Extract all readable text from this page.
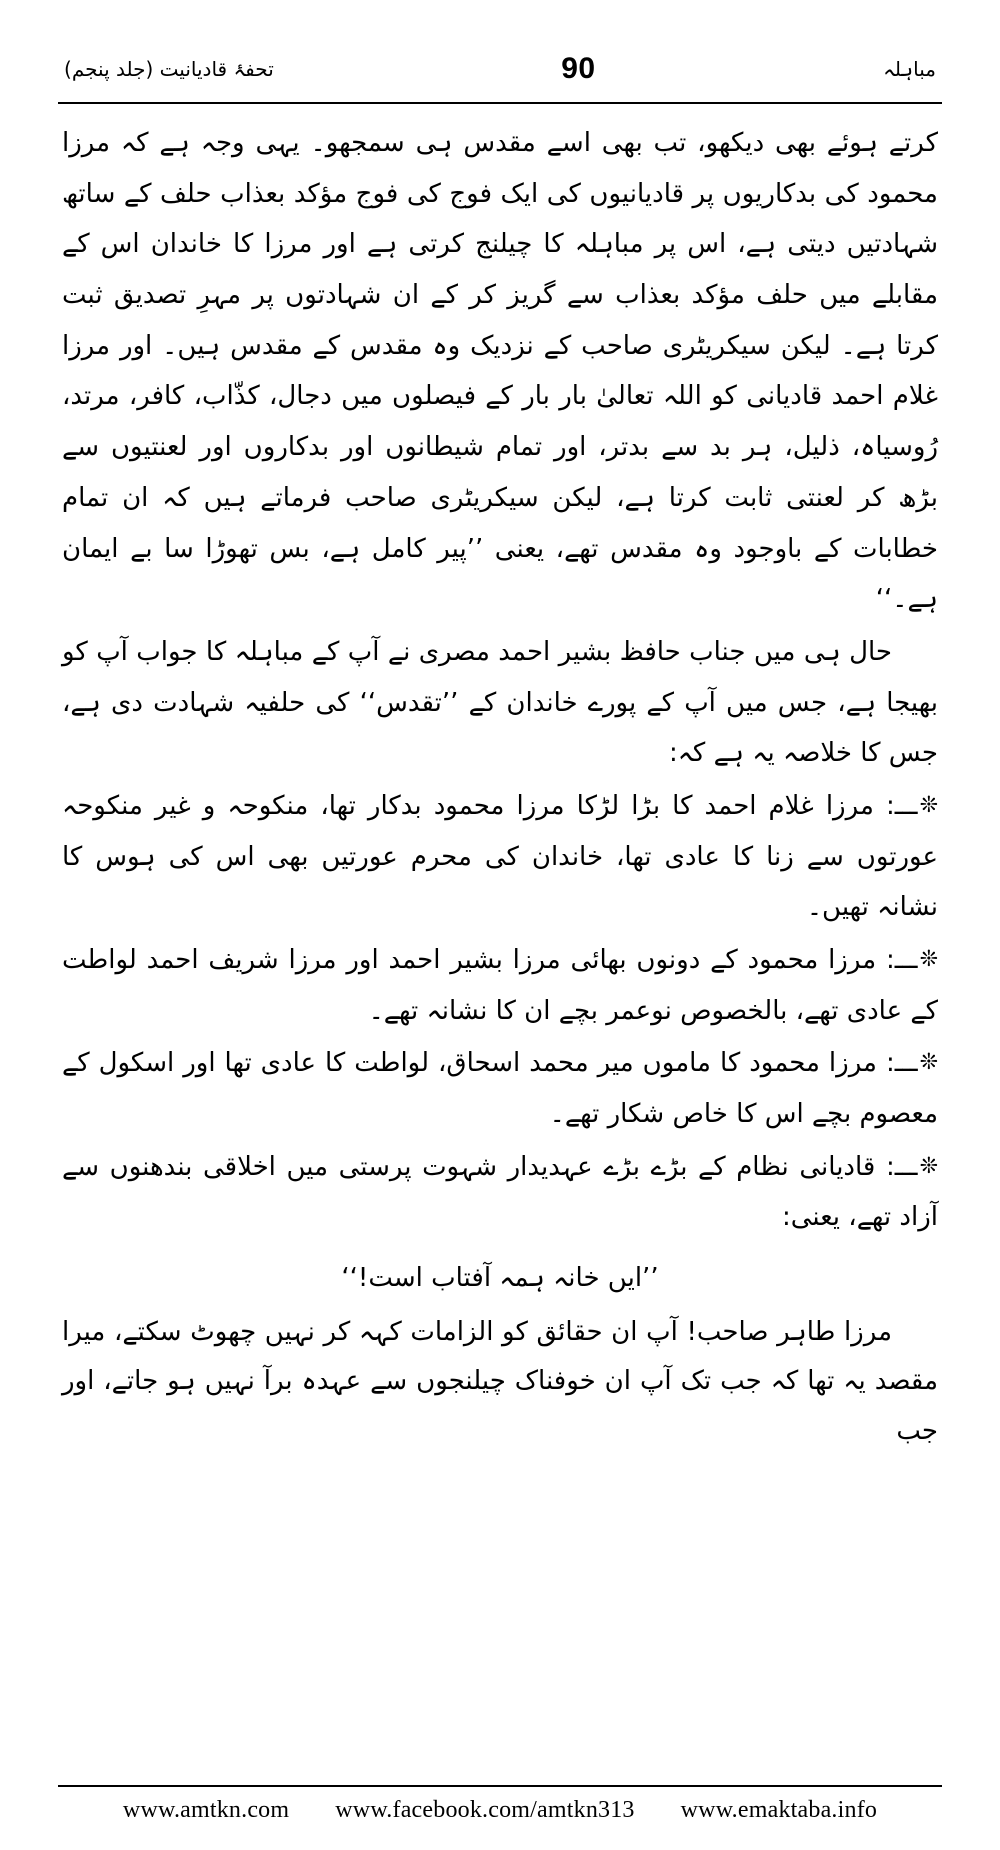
تحفۂ قادیانیت (جلد پنجم)	90	مباہلہ

کرتے ہوئے بھی دیکھو، تب بھی اسے مقدس ہی سمجھو۔ یہی وجہ ہے کہ مرزا محمود کی بدکاریوں پر قادیانیوں کی ایک فوج کی فوج مؤکد بعذاب حلف کے ساتھ شہادتیں دیتی ہے، اس پر مباہلہ کا چیلنج کرتی ہے اور مرزا کا خاندان اس کے مقابلے میں حلف مؤکد بعذاب سے گریز کر کے ان شہادتوں پر مہرِ تصدیق ثبت کرتا ہے۔ لیکن سیکریٹری صاحب کے نزدیک وہ مقدس کے مقدس ہیں۔ اور مرزا غلام احمد قادیانی کو اللہ تعالیٰ بار بار کے فیصلوں میں دجال، کذّاب، کافر، مرتد، رُوسیاہ، ذلیل، ہر بد سے بدتر، اور تمام شیطانوں اور بدکاروں اور لعنتیوں سے بڑھ کر لعنتی ثابت کرتا ہے، لیکن سیکریٹری صاحب فرماتے ہیں کہ ان تمام خطابات کے باوجود وہ مقدس تھے، یعنی ’’پیر کامل ہے، بس تھوڑا سا بے ایمان ہے۔‘‘

حال ہی میں جناب حافظ بشیر احمد مصری نے آپ کے مباہلہ کا جواب آپ کو بھیجا ہے، جس میں آپ کے پورے خاندان کے ’’تقدس‘‘ کی حلفیہ شہادت دی ہے، جس کا خلاصہ یہ ہے کہ:

❊ـــ: مرزا غلام احمد کا بڑا لڑکا مرزا محمود بدکار تھا، منکوحہ و غیر منکوحہ عورتوں سے زنا کا عادی تھا، خاندان کی محرم عورتیں بھی اس کی ہوس کا نشانہ تھیں۔

❊ـــ: مرزا محمود کے دونوں بھائی مرزا بشیر احمد اور مرزا شریف احمد لواطت کے عادی تھے، بالخصوص نوعمر بچے ان کا نشانہ تھے۔

❊ـــ: مرزا محمود کا ماموں میر محمد اسحاق، لواطت کا عادی تھا اور اسکول کے معصوم بچے اس کا خاص شکار تھے۔

❊ـــ: قادیانی نظام کے بڑے بڑے عہدیدار شہوت پرستی میں اخلاقی بندھنوں سے آزاد تھے، یعنی:

’’ایں خانہ ہمہ آفتاب است!‘‘

مرزا طاہر صاحب! آپ ان حقائق کو الزامات کہہ کر نہیں چھوٹ سکتے، میرا مقصد یہ تھا کہ جب تک آپ ان خوفناک چیلنجوں سے عہدہ برآ نہیں ہو جاتے، اور جب

www.amtkn.com www.facebook.com/amtkn313 www.emaktaba.info
